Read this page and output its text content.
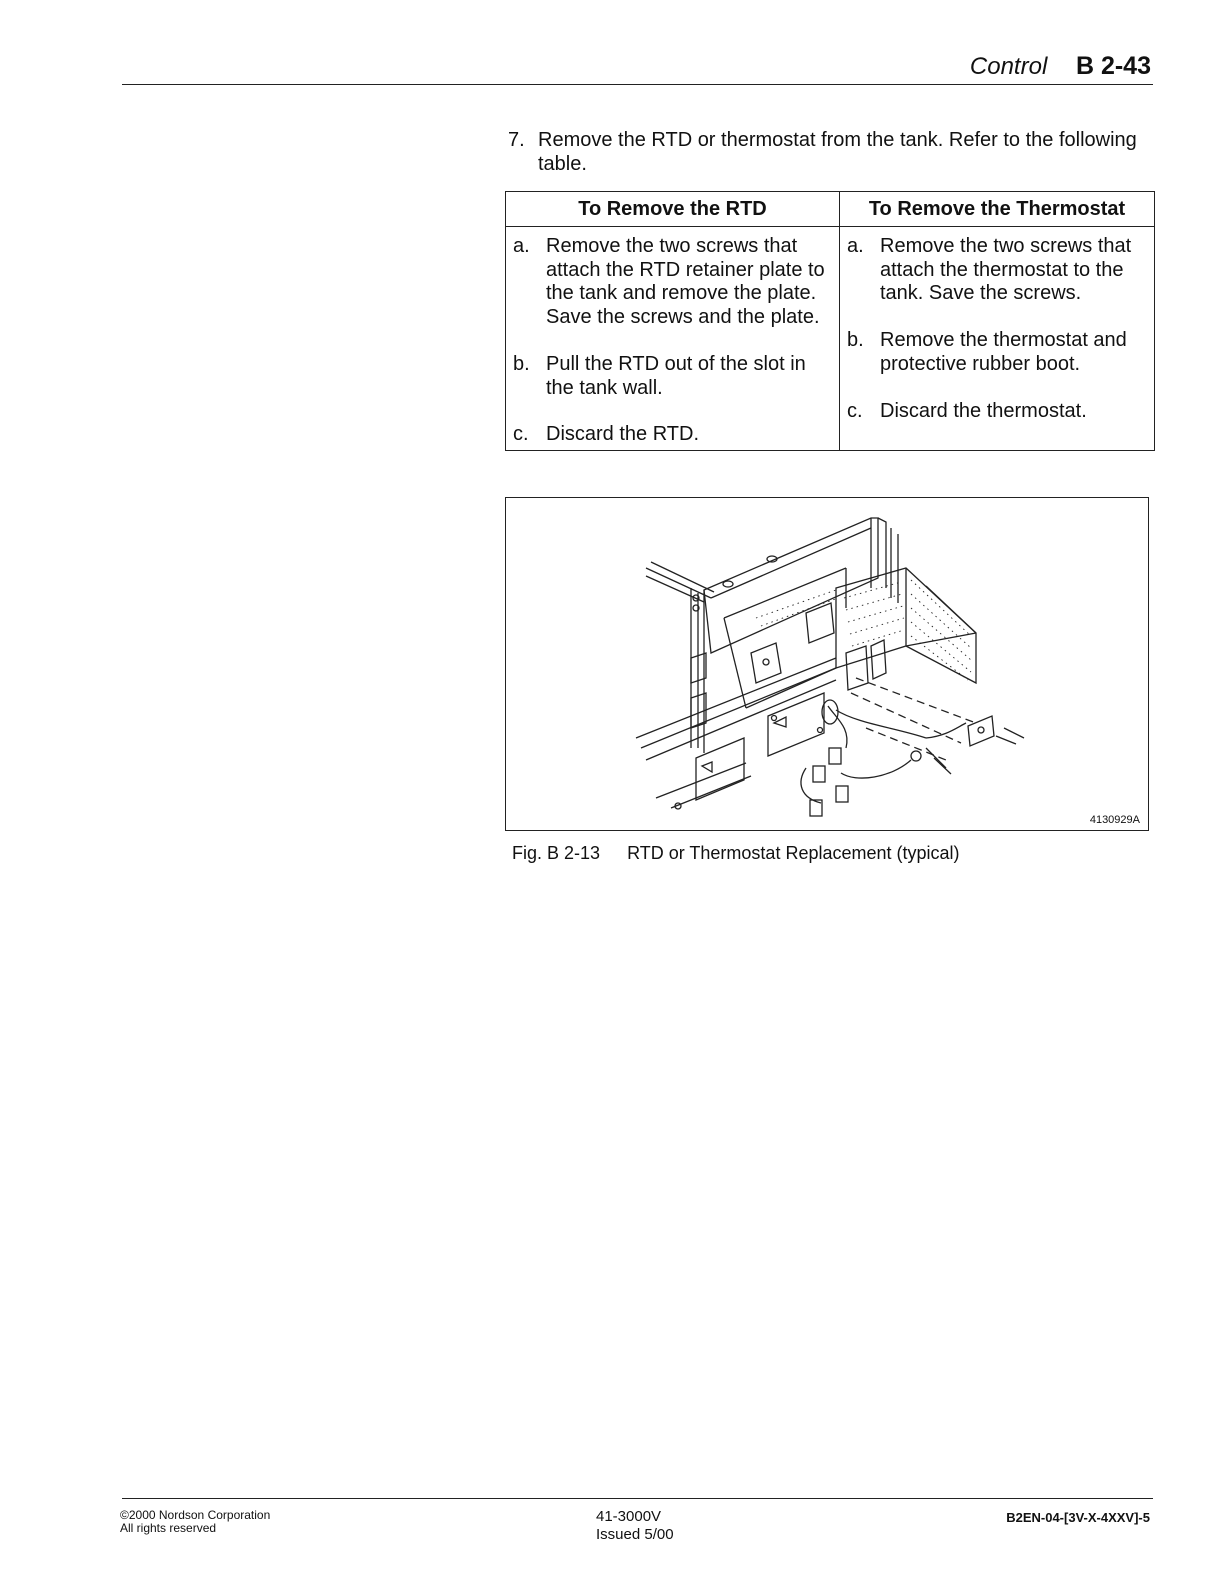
Control B 2-43
7. Remove the RTD or thermostat from the tank. Refer to the following table.
To Remove the RTD	To Remove the Thermostat
a. Remove the two screws that
attach the RTD retainer plate to
the tank and remove the plate.
Save the screws and the plate.
b. Pull the RTD out of the slot in
the tank wall.
c. Discard the RTD.
a. Remove the two screws that
attach the thermostat to the
tank. Save the screws.
b. Remove the thermostat and
protective rubber boot.
c. Discard the thermostat.
4130929A
Fig. B 2-13 RTD or Thermostat Replacement (typical)
©2000 Nordson Corporation
All rights reserved
41-3000V
Issued 5/00
B2EN-04-[3V-X-4XXV]-5
